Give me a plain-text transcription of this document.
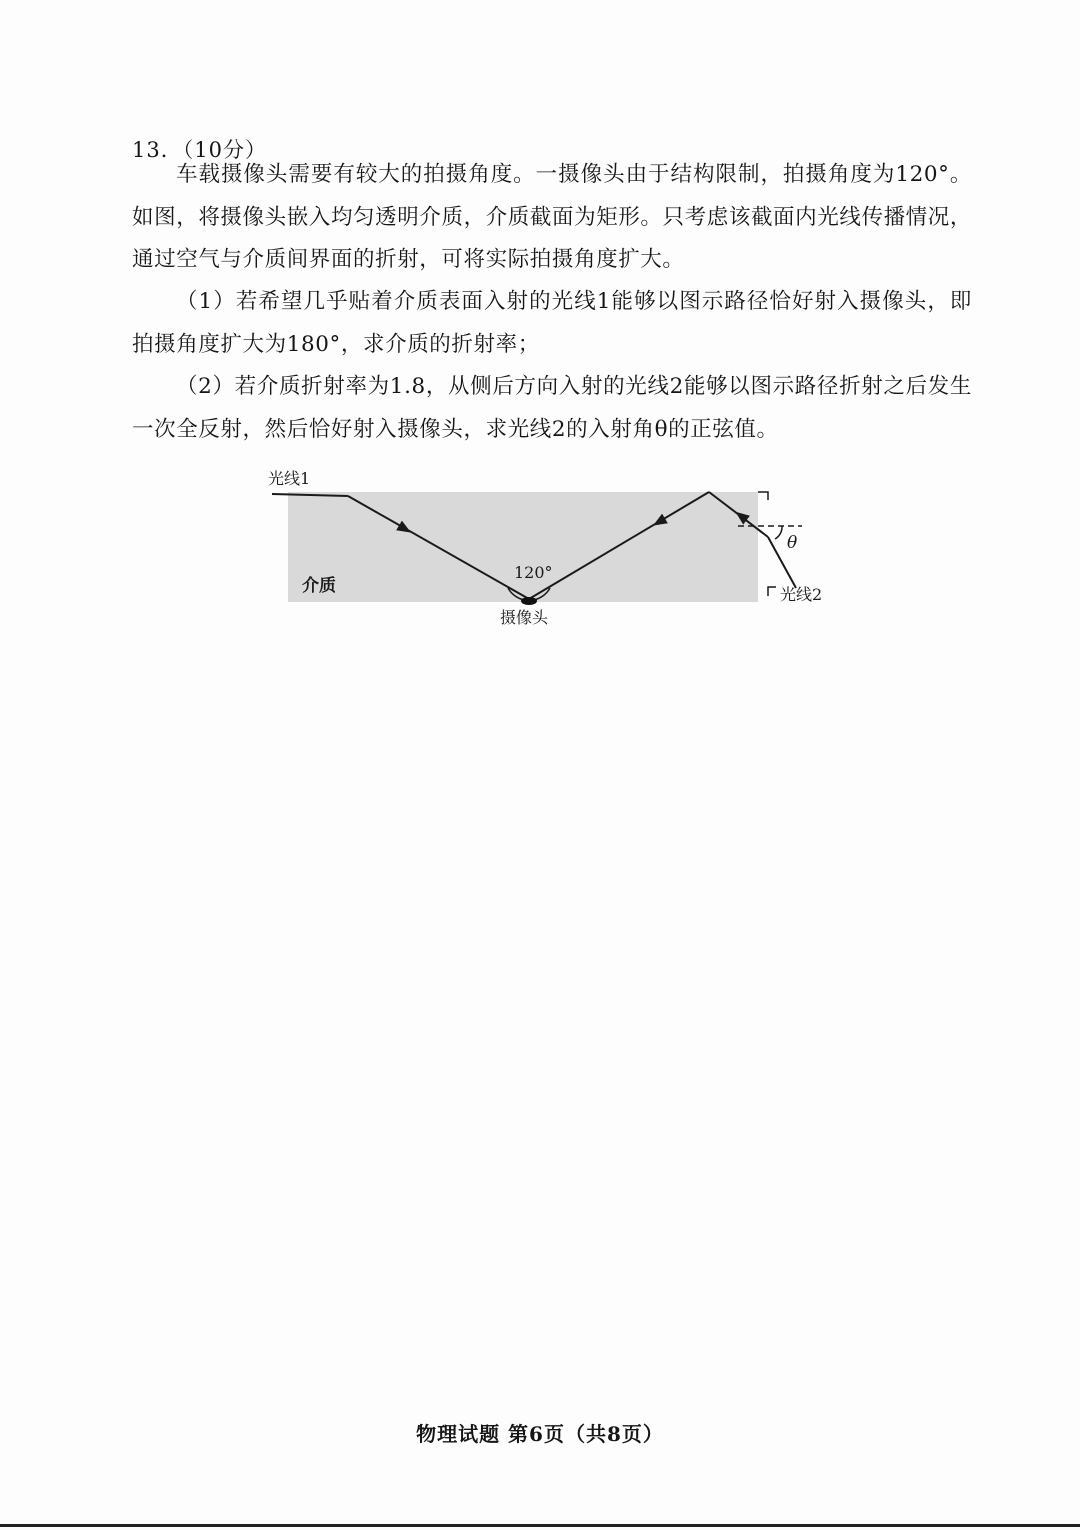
13．（10分）
车载摄像头需要有较大的拍摄角度。一摄像头由于结构限制，拍摄角度为120°。如图，将摄像头嵌入均匀透明介质，介质截面为矩形。只考虑该截面内光线传播情况，通过空气与介质间界面的折射，可将实际拍摄角度扩大。
（1）若希望几乎贴着介质表面入射的光线1能够以图示路径恰好射入摄像头，即拍摄角度扩大为180°，求介质的折射率；
（2）若介质折射率为1.8，从侧后方向入射的光线2能够以图示路径折射之后发生一次全反射，然后恰好射入摄像头，求光线2的入射角θ的正弦值。
光线1
120°
θ
介质
摄像头
光线2
物理试题 第6页（共8页）
